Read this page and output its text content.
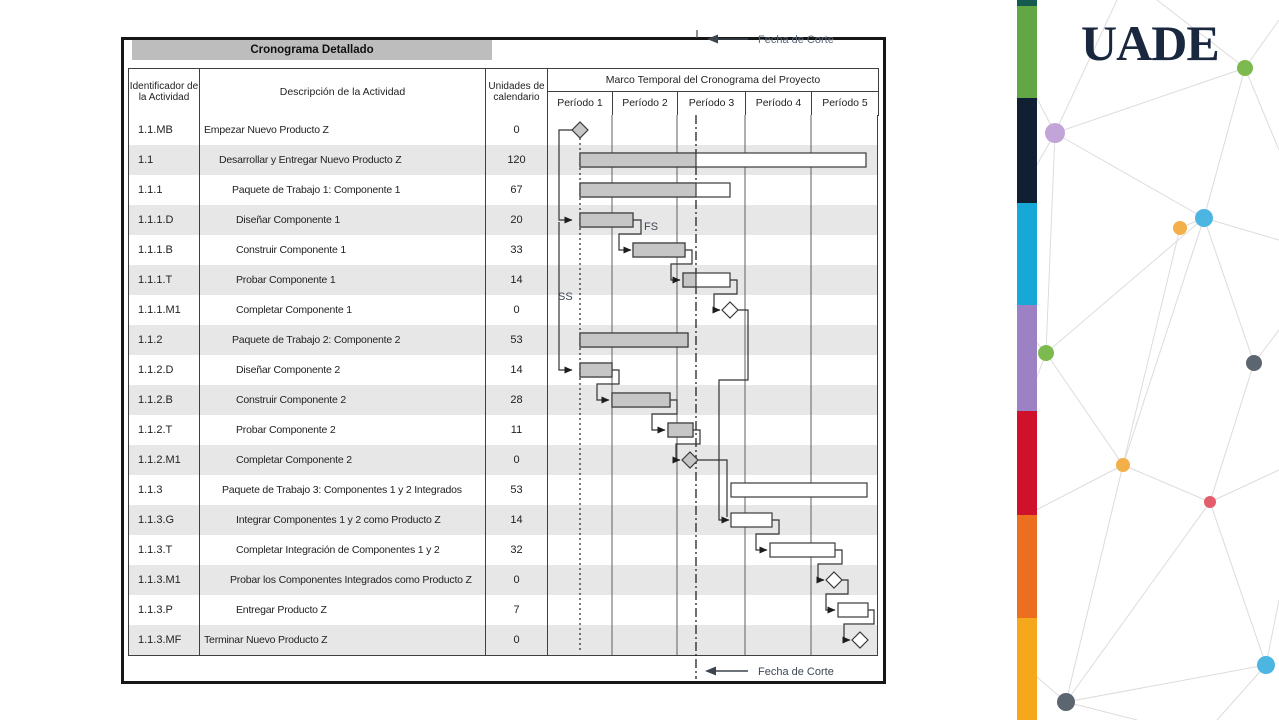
Cronograma Detallado
Identificador de la Actividad	Descripción de la Actividad	Unidades de calendario
Marco Temporal del Cronograma del Proyecto
Período 1	Período 2	Período 3	Período 4	Período 5
1.1.MB	Empezar Nuevo Producto Z	0
1.1	Desarrollar y Entregar Nuevo Producto Z	120
1.1.1	Paquete de Trabajo 1: Componente 1	67
1.1.1.D	Diseñar Componente 1	20
1.1.1.B	Construir Componente 1	33
1.1.1.T	Probar Componente 1	14
1.1.1.M1	Completar Componente 1	0
1.1.2	Paquete de Trabajo 2: Componente 2	53
1.1.2.D	Diseñar Componente 2	14
1.1.2.B	Construir Componente 2	28
1.1.2.T	Probar Componente 2	11
1.1.2.M1	Completar Componente 2	0
1.1.3	Paquete de Trabajo 3: Componentes 1 y 2 Integrados	53
1.1.3.G	Integrar Componentes 1 y 2 como Producto Z	14
1.1.3.T	Completar Integración de Componentes 1 y 2	32
1.1.3.M1	Probar los Componentes Integrados como Producto Z	0
1.1.3.P	Entregar Producto Z	7
1.1.3.MF	Terminar Nuevo Producto Z	0
FS
SS
Fecha de Corte
Fecha de Corte
UADE
